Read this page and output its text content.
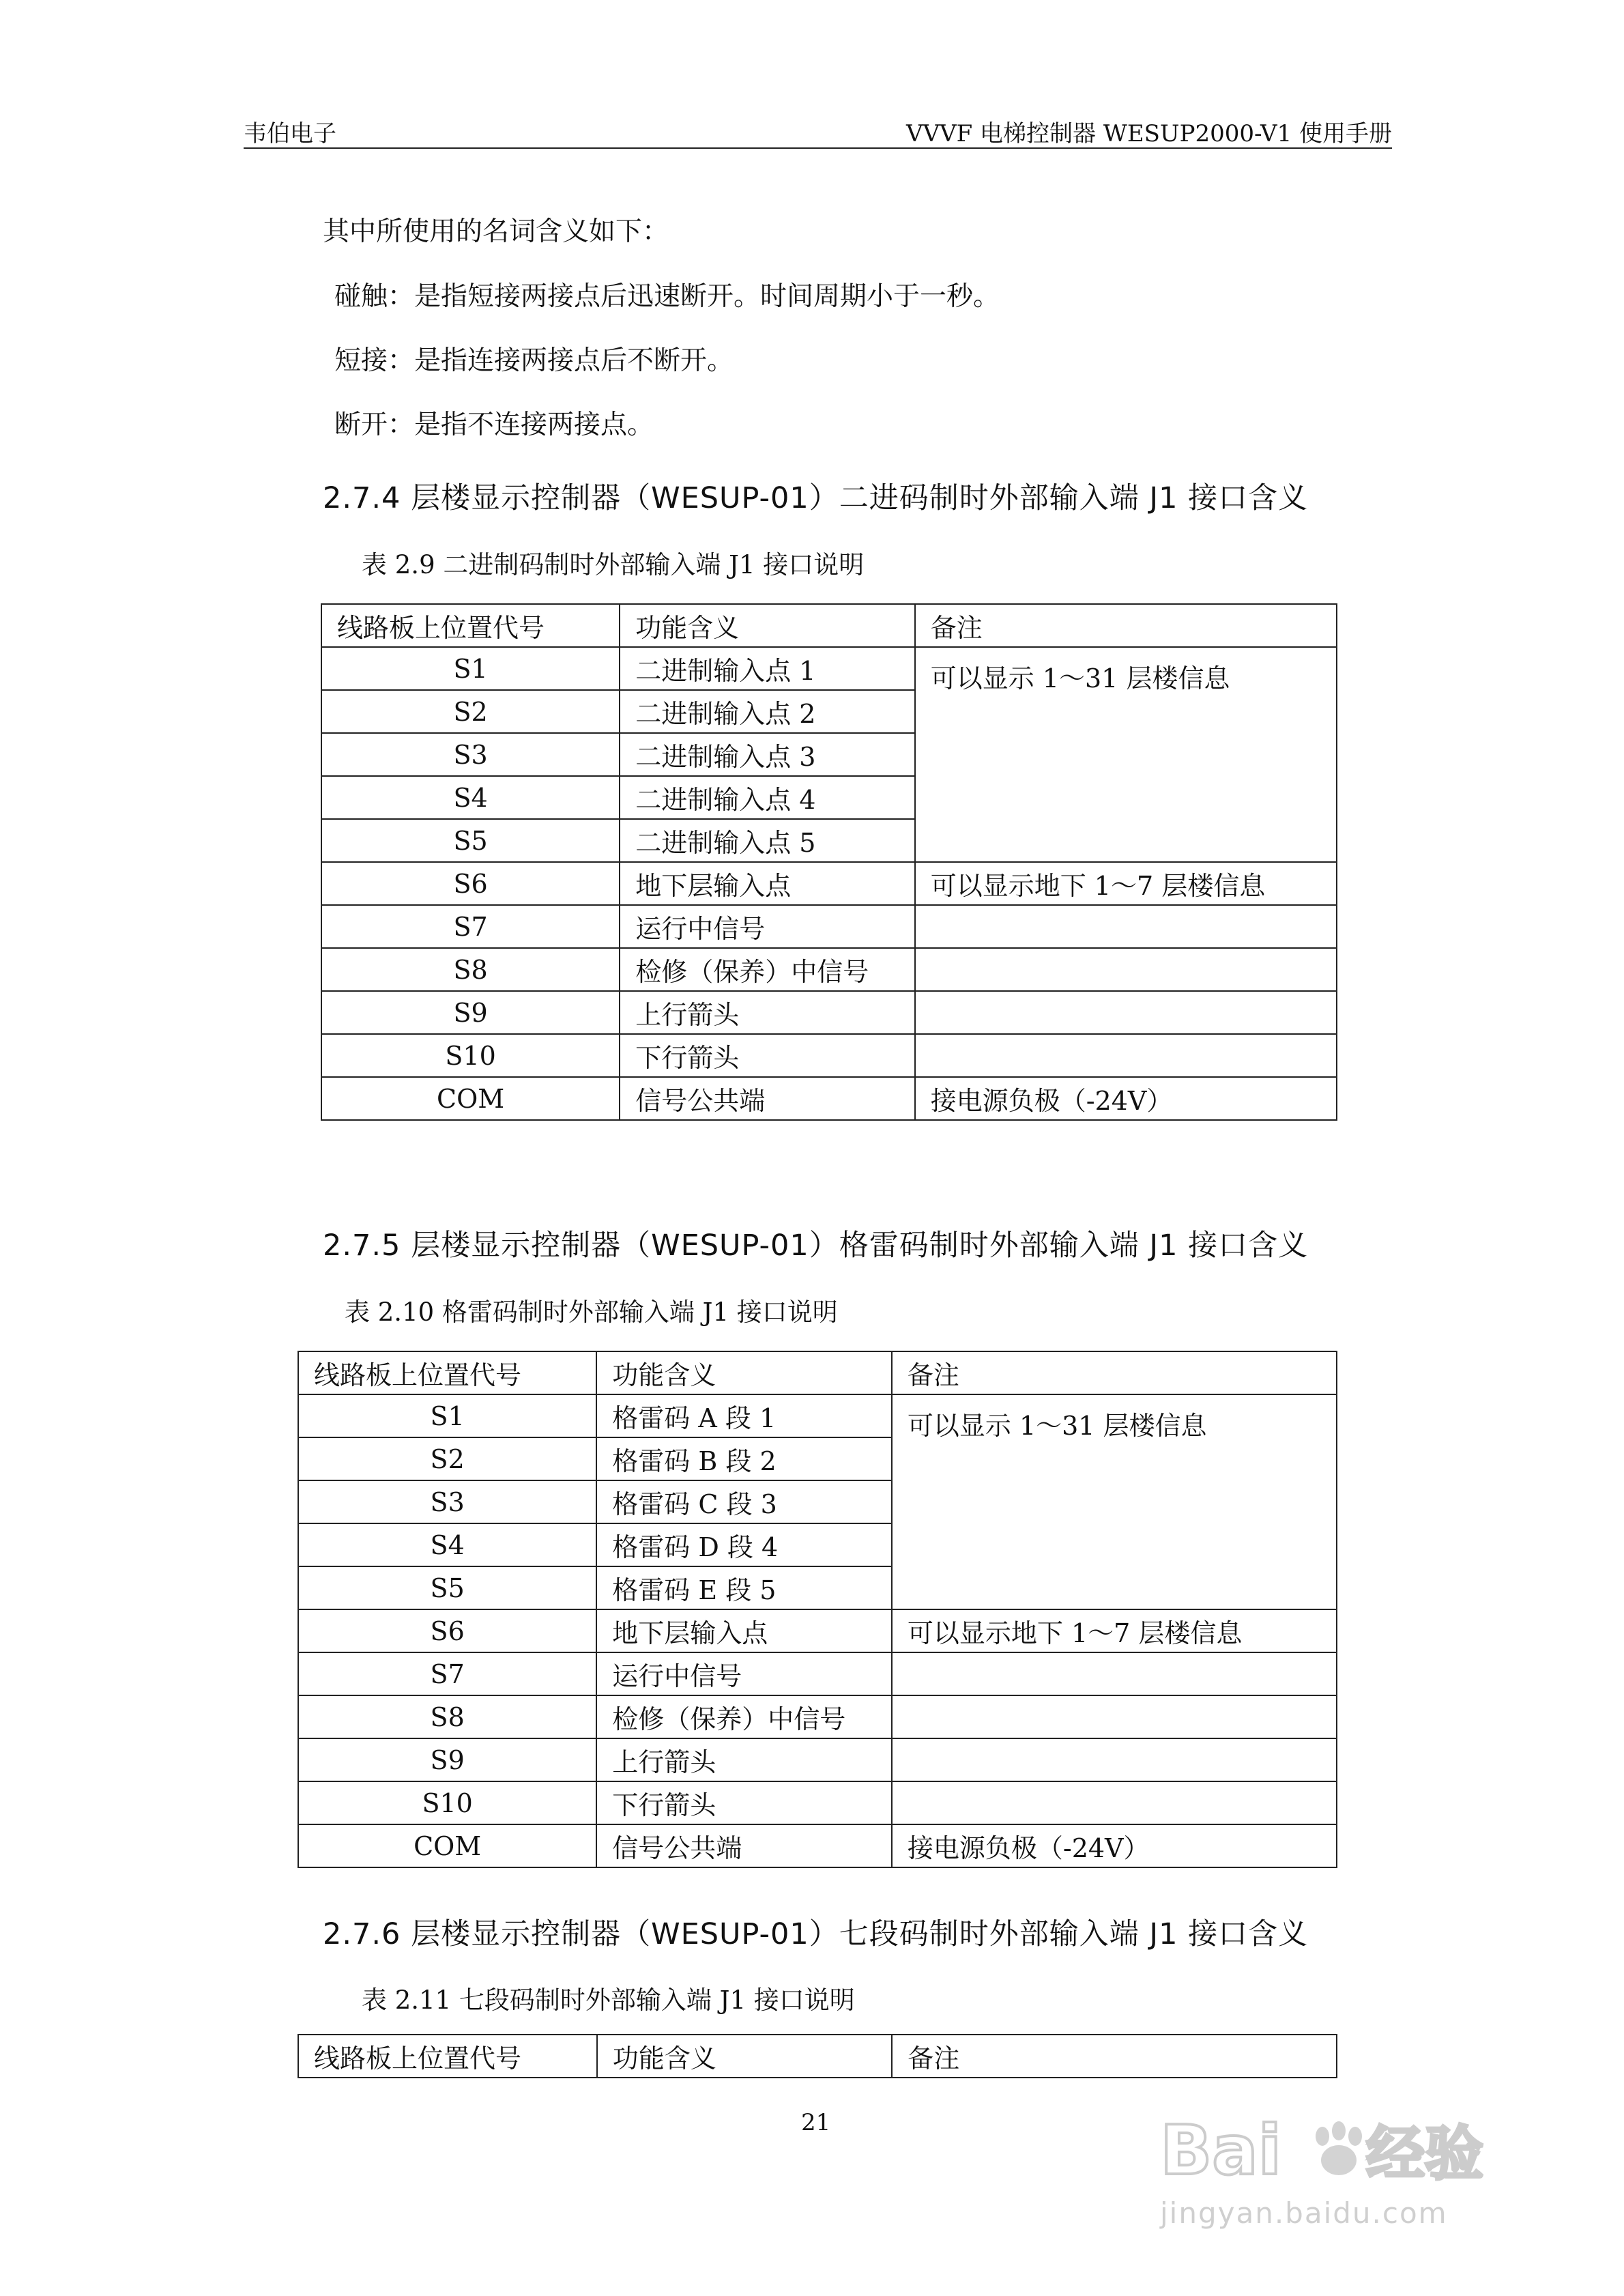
韦伯电子	VVVF 电梯控制器 WESUP2000-V1 使用手册
其中所使用的名词含义如下：
碰触：是指短接两接点后迅速断开。时间周期小于一秒。
短接：是指连接两接点后不断开。
断开：是指不连接两接点。
2.7.4 层楼显示控制器（WESUP-01）二进码制时外部输入端 J1 接口含义
表 2.9 二进制码制时外部输入端 J1 接口说明
线路板上位置代号	功能含义	备注
S1	二进制输入点 1	可以显示 1～31 层楼信息
S2	二进制输入点 2	
S3	二进制输入点 3	
S4	二进制输入点 4	
S5	二进制输入点 5	
S6	地下层输入点	可以显示地下 1～7 层楼信息
S7	运行中信号	
S8	检修（保养）中信号	
S9	上行箭头	
S10	下行箭头	
COM	信号公共端	接电源负极（-24V）
2.7.5 层楼显示控制器（WESUP-01）格雷码制时外部输入端 J1 接口含义
表 2.10 格雷码制时外部输入端 J1 接口说明
线路板上位置代号	功能含义	备注
S1	格雷码 A 段 1	可以显示 1～31 层楼信息
S2	格雷码 B 段 2	
S3	格雷码 C 段 3	
S4	格雷码 D 段 4	
S5	格雷码 E 段 5	
S6	地下层输入点	可以显示地下 1～7 层楼信息
S7	运行中信号	
S8	检修（保养）中信号	
S9	上行箭头	
S10	下行箭头	
COM	信号公共端	接电源负极（-24V）
2.7.6 层楼显示控制器（WESUP-01）七段码制时外部输入端 J1 接口含义
表 2.11 七段码制时外部输入端 J1 接口说明
线路板上位置代号	功能含义	备注
21	Bai 经验
jingyan.baidu.com
